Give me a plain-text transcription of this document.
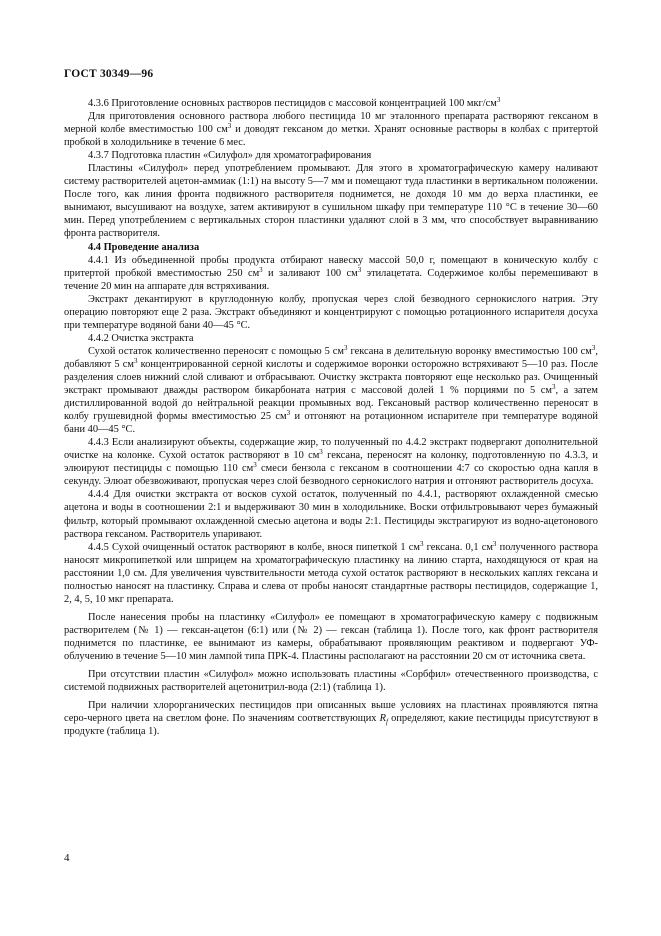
ГОСТ 30349—96

4.3.6 Приготовление основных растворов пестицидов с массовой концентрацией 100 мкг/$см^3$

Для приготовления основного раствора любого пестицида 10 мг эталонного препарата растворяют гексаном в мерной колбе вместимостью 100 $см^3$ и доводят гексаном до метки. Хранят основные растворы в колбах с притертой пробкой в холодильнике в течение 6 мес.

4.3.7 Подготовка пластин «Силуфол» для хроматографирования

Пластины «Силуфол» перед употреблением промывают. Для этого в хроматографическую камеру наливают систему растворителей ацетон-аммиак (1:1) на высоту 5—7 мм и помещают туда пластинки в вертикальном положении. После того, как линия фронта подвижного растворителя поднимется, не доходя 10 мм до верха пластинки, ее вынимают, высушивают на воздухе, затем активируют в сушильном шкафу при температуре 110 °С в течение 30—60 мин. Перед употреблением с вертикальных сторон пластинки удаляют слой в 3 мм, что способствует выравниванию фронта растворителя.

4.4 Проведение анализа

4.4.1 Из объединенной пробы продукта отбирают навеску массой 50,0 г, помещают в коническую колбу с притертой пробкой вместимостью 250 $см^3$ и заливают 100 $см^3$ этилацетата. Содержимое колбы перемешивают в течение 20 мин на аппарате для встряхивания.

Экстракт декантируют в круглодонную колбу, пропуская через слой безводного сернокислого натрия. Эту операцию повторяют еще 2 раза. Экстракт объединяют и концентрируют с помощью ротационного испарителя досуха при температуре водяной бани 40—45 °С.

4.4.2 Очистка экстракта

Сухой остаток количественно переносят с помощью 5 $см^3$ гексана в делительную воронку вместимостью 100 $см^3$, добавляют 5 $см^3$ концентрированной серной кислоты и содержимое воронки осторожно встряхивают 5—10 раз. После разделения слоев нижний слой сливают и отбрасывают. Очистку экстракта повторяют еще несколько раз. Очищенный экстракт промывают дважды раствором бикарбоната натрия с массовой долей 1 % порциями по 5 $см^3$, а затем дистиллированной водой до нейтральной реакции промывных вод. Гексановый раствор количественно переносят в колбу грушевидной формы вместимостью 25 $см^3$ и отгоняют на ротационном испарителе при температуре водяной бани 40—45 °С.

4.4.3 Если анализируют объекты, содержащие жир, то полученный по 4.4.2 экстракт подвергают дополнительной очистке на колонке. Сухой остаток растворяют в 10 $см^3$ гексана, переносят на колонку, подготовленную по 4.3.3, и элюируют пестициды с помощью 110 $см^3$ смеси бензола с гексаном в соотношении 4:7 со скоростью одна капля в секунду. Элюат обезвоживают, пропуская через слой безводного сернокислого натрия и отгоняют растворитель досуха.

4.4.4 Для очистки экстракта от восков сухой остаток, полученный по 4.4.1, растворяют охлажденной смесью ацетона и воды в соотношении 2:1 и выдерживают 30 мин в холодильнике. Воски отфильтровывают через бумажный фильтр, который промывают охлажденной смесью ацетона и воды 2:1. Пестициды экстрагируют из водно-ацетонового раствора гексаном. Растворитель упаривают.

4.4.5 Сухой очищенный остаток растворяют в колбе, внося пипеткой 1 $см^3$ гексана. 0,1 $см^3$ полученного раствора наносят микропипеткой или шприцем на хроматографическую пластинку на линию старта, находящуюся от края на расстоянии 1,0 см. Для увеличения чувствительности метода сухой остаток растворяют в нескольких каплях гексана и полностью наносят на пластинку. Справа и слева от пробы наносят стандартные растворы пестицидов, содержащие 1, 2, 4, 5, 10 мкг препарата.

После нанесения пробы на пластинку «Силуфол» ее помещают в хроматографическую камеру с подвижным растворителем (№ 1) — гексан-ацетон (6:1) или (№ 2) — гексан (таблица 1). После того, как фронт растворителя поднимется по пластинке, ее вынимают из камеры, обрабатывают проявляющим реактивом и подвергают УФ-облучению в течение 5—10 мин лампой типа ПРК-4. Пластины располагают на расстоянии 20 см от источника света.

При отсутствии пластин «Силуфол» можно использовать пластины «Сорбфил» отечественного производства, с системой подвижных растворителей ацетонитрил-вода (2:1) (таблица 1).

При наличии хлорорганических пестицидов при описанных выше условиях на пластинах проявляются пятна серо-черного цвета на светлом фоне. По значениям соответствующих $R_f$ определяют, какие пестициды присутствуют в продукте (таблица 1).

4
